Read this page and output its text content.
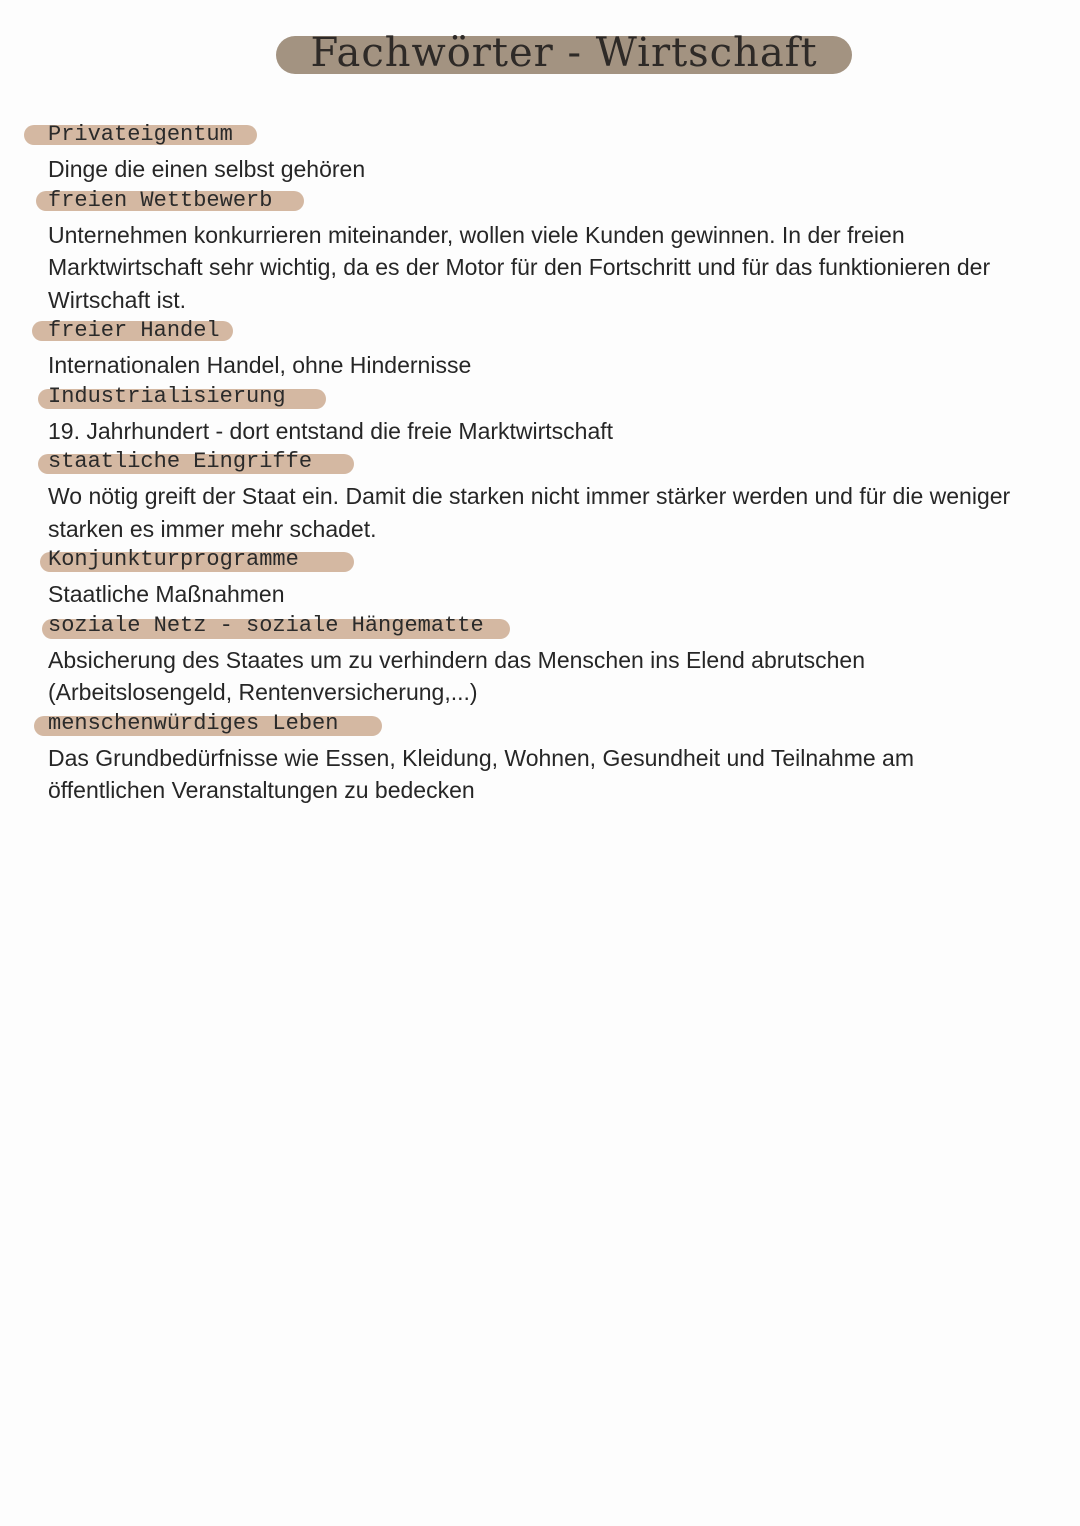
Fachwörter - Wirtschaft
Privateigentum

Dinge die einen selbst gehören

freien Wettbewerb

Unternehmen konkurrieren miteinander, wollen viele Kunden gewinnen. In der freien Marktwirtschaft sehr wichtig, da es der Motor für den Fortschritt und für das funktionieren der Wirtschaft ist.

freier Handel

Internationalen Handel, ohne Hindernisse

Industrialisierung

19. Jahrhundert - dort entstand die freie Marktwirtschaft

staatliche Eingriffe

Wo nötig greift der Staat ein. Damit die starken nicht immer stärker werden und für die weniger starken es immer mehr schadet.

Konjunkturprogramme

Staatliche Maßnahmen

soziale Netz - soziale Hängematte

Absicherung des Staates um zu verhindern das Menschen ins Elend abrutschen (Arbeitslosengeld, Rentenversicherung,...)

menschenwürdiges Leben

Das Grundbedürfnisse wie Essen, Kleidung, Wohnen, Gesundheit und Teilnahme am öffentlichen Veranstaltungen zu bedecken
